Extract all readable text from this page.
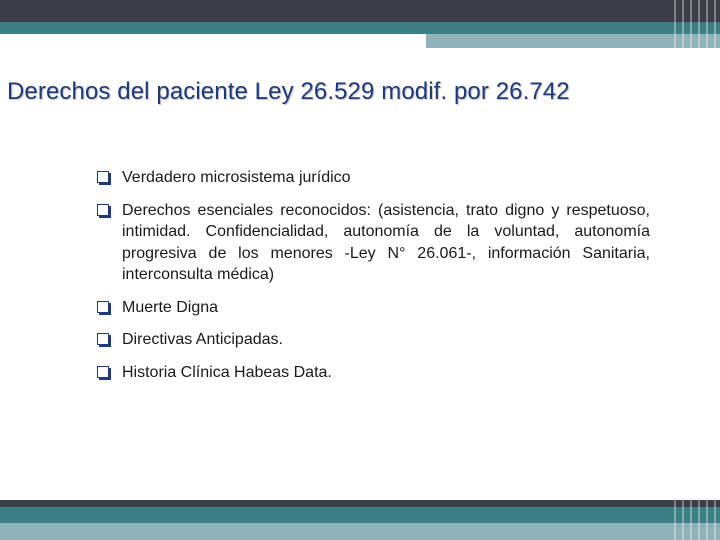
Derechos del paciente Ley 26.529 modif. por 26.742
Verdadero microsistema jurídico
Derechos esenciales reconocidos: (asistencia, trato digno y respetuoso, intimidad. Confidencialidad, autonomía de la voluntad, autonomía progresiva de los menores -Ley N° 26.061-, información Sanitaria, interconsulta médica)
Muerte Digna
Directivas Anticipadas.
Historia Clínica Habeas Data.
